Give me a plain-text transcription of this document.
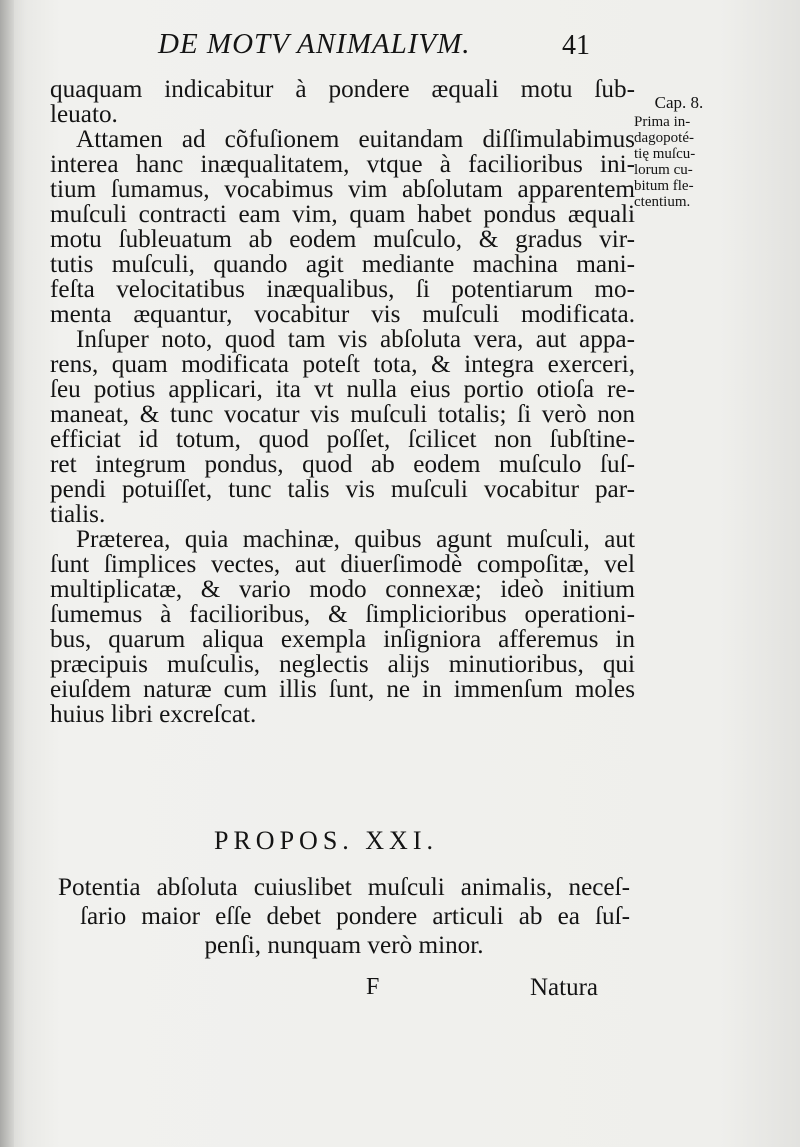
DE MOTV ANIMALIVM.	41
Cap. 8.
Prima in-
dagopoté-
tię muſcu-
lorum cu-
bitum fle-
ctentium.
quaquam indicabitur à pondere æquali motu ſub-
leuato.
Attamen ad cõfuſionem euitandam diſſimulabimus
interea hanc inæqualitatem, vtque à facilioribus ini-
tium ſumamus, vocabimus vim abſolutam apparentem
muſculi contracti eam vim, quam habet pondus æquali
motu ſubleuatum ab eodem muſculo, & gradus vir-
tutis muſculi, quando agit mediante machina mani-
feſta velocitatibus inæqualibus, ſi potentiarum mo-
menta æquantur, vocabitur vis muſculi modificata.
Inſuper noto, quod tam vis abſoluta vera, aut appa-
rens, quam modificata poteſt tota, & integra exerceri,
ſeu potius applicari, ita vt nulla eius portio otioſa re-
maneat, & tunc vocatur vis muſculi totalis; ſi verò non
efficiat id totum, quod poſſet, ſcilicet non ſubſtine-
ret integrum pondus, quod ab eodem muſculo ſuſ-
pendi potuiſſet, tunc talis vis muſculi vocabitur par-
tialis.
Præterea, quia machinæ, quibus agunt muſculi, aut
ſunt ſimplices vectes, aut diuerſimodè compoſitæ, vel
multiplicatæ, & vario modo connexæ; ideò initium
ſumemus à facilioribus, & ſimplicioribus operationi-
bus, quarum aliqua exempla inſigniora afferemus in
præcipuis muſculis, neglectis alijs minutioribus, qui
eiuſdem naturæ cum illis ſunt, ne in immenſum moles
huius libri excreſcat.
PROPOS. XXI.
Potentia abſoluta cuiuslibet muſculi animalis, neceſ-
ſario maior eſſe debet pondere articuli ab ea ſuſ-
penſi, nunquam verò minor.
F	Natura
